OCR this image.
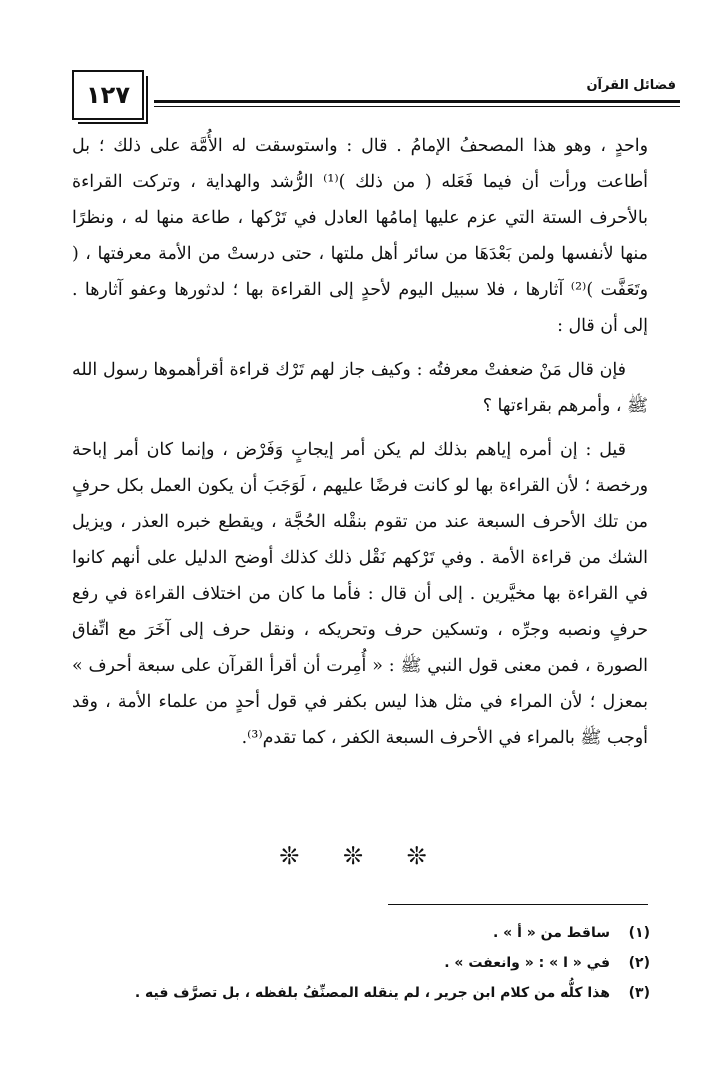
١٢٧	فضائل القرآن

واحدٍ ، وهو هذا المصحفُ الإمامُ . قال : واستوسقت له الأُمَّة على ذلك ؛ بل أطاعت ورأت أن فيما فَعَله ( من ذلك )⁽¹⁾ الرُّشد والهداية ، وتركت القراءة بالأحرف الستة التي عزم عليها إمامُها العادل في تَرْكها ، طاعة منها له ، ونظرًا منها لأنفسها ولمن بَعْدَهَا من سائر أهل ملتها ، حتى درستْ من الأمة معرفتها ، ( وتَعَفَّت )⁽²⁾ آثارها ، فلا سبيل اليوم لأحدٍ إلى القراءة بها ؛ لدثورها وعفو آثارها . إلى أن قال :

فإن قال مَنْ ضعفتْ معرفتُه : وكيف جاز لهم تَرْك قراءة أقرأهموها رسول الله ﷺ ، وأمرهم بقراءتها ؟

قيل : إن أمره إياهم بذلك لم يكن أمر إيجابٍ وَفَرْض ، وإنما كان أمر إباحة ورخصة ؛ لأن القراءة بها لو كانت فرضًا عليهم ، لَوَجَبَ أن يكون العمل بكل حرفٍ من تلك الأحرف السبعة عند من تقوم بنقْله الحُجَّة ، ويقطع خبره العذر ، ويزيل الشك من قراءة الأمة . وفي تَرْكهم نَقْل ذلك كذلك أوضح الدليل على أنهم كانوا في القراءة بها مخيَّرين . إلى أن قال : فأما ما كان من اختلاف القراءة في رفع حرفٍ ونصبه وجرِّه ، وتسكين حرف وتحريكه ، ونقل حرف إلى آخَرَ مع اتِّفاق الصورة ، فمن معنى قول النبي ﷺ : « أُمِرت أن أقرأ القرآن على سبعة أحرف » بمعزل ؛ لأن المراء في مثل هذا ليس بكفر في قول أحدٍ من علماء الأمة ، وقد أوجب ﷺ بالمراء في الأحرف السبعة الكفر ، كما تقدم⁽³⁾.

❊ ❊ ❊
(١)
ساقط من « أ » .
(٢)
في « ا » : « وانعفت » .
(٣)
هذا كلُّه من كلام ابن جرير ، لم ينقله المصنِّفُ بلفظه ، بل تصرَّف فيه .
